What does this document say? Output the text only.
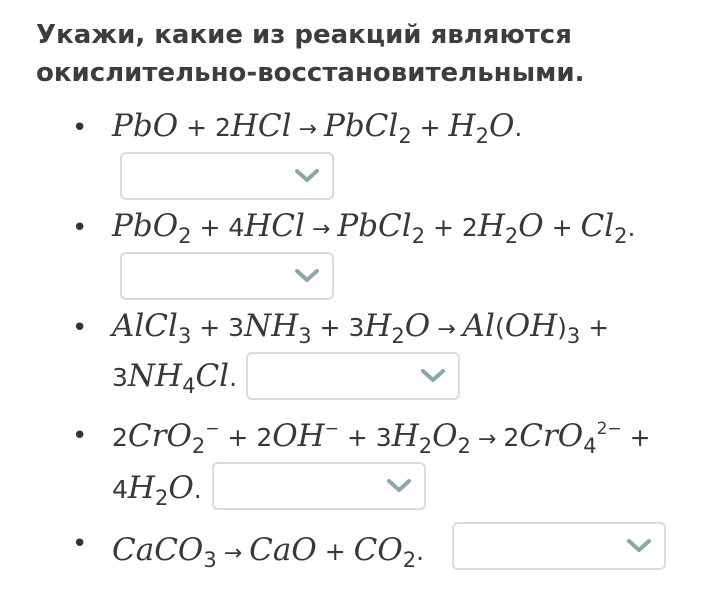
Укажи, какие из реакций являются окислительно-восстановительными.
• PbO + 2HCl → PbCl$_2$ + $H_2O$.
• PbO$_2$ + 4HCl → PbCl$_2$ + $2H_2O + Cl_2$.
• AlCl$_3$ + $3NH_3 + 3H_2O \to Al(OH)_3$ +
$3NH_4Cl$.
• $2CrO_2^- + 2OH^- + 3H_2O_2 \to 2CrO_4^{2-}$ +
$4H_2O$.
• CaCO$_3$ → CaO + $CO_2$.
